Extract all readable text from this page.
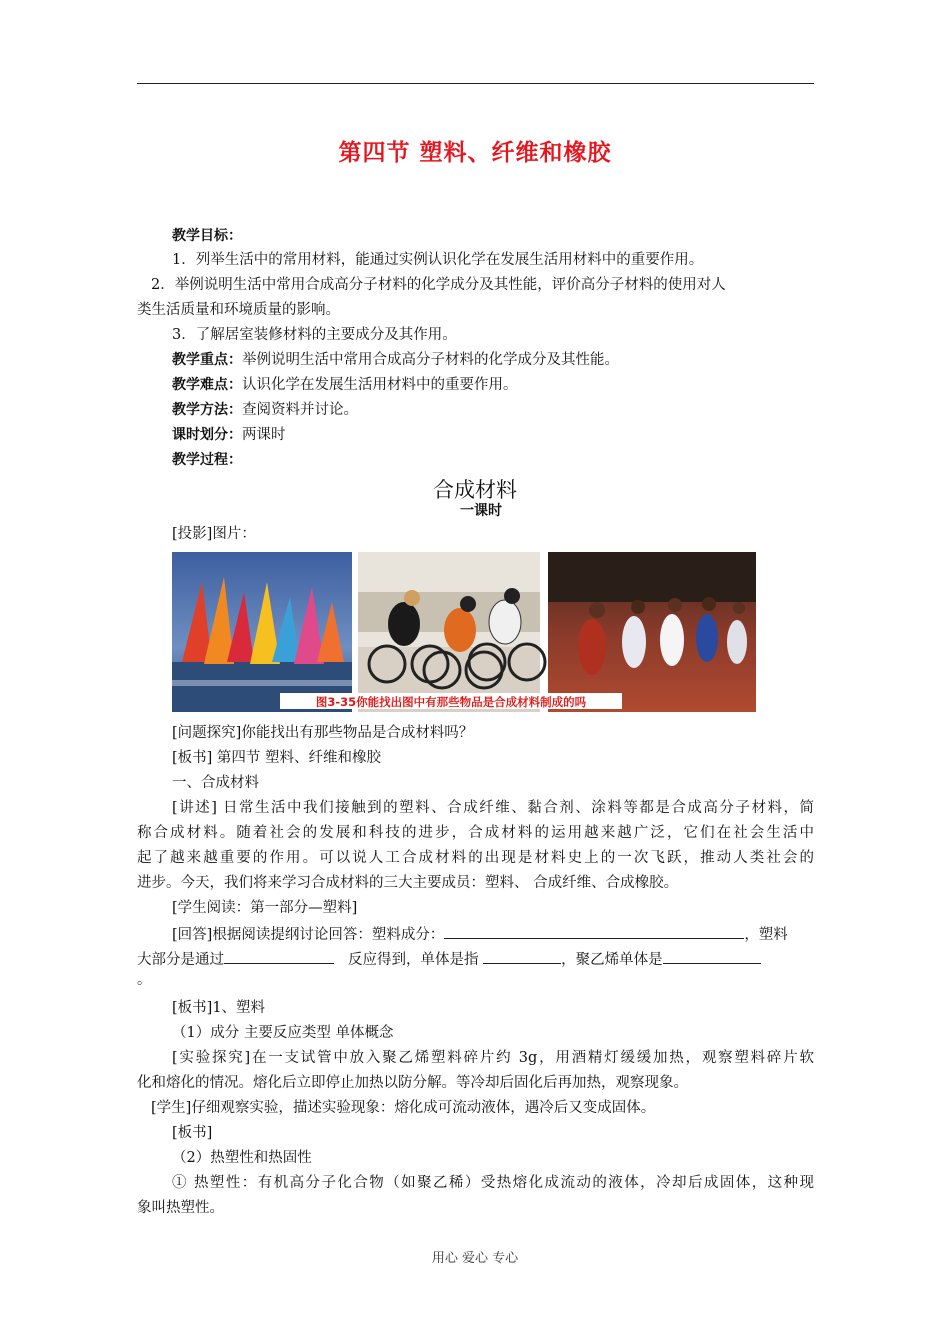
第四节 塑料、纤维和橡胶
教学目标：
1．列举生活中的常用材料，能通过实例认识化学在发展生活用材料中的重要作用。
2．举例说明生活中常用合成高分子材料的化学成分及其性能，评价高分子材料的使用对人
类生活质量和环境质量的影响。
3．了解居室装修材料的主要成分及其作用。
教学重点：举例说明生活中常用合成高分子材料的化学成分及其性能。
教学难点：认识化学在发展生活用材料中的重要作用。
教学方法：查阅资料并讨论。
课时划分：两课时
教学过程：
合成材料
一课时
[投影]图片：
图3-35你能找出图中有那些物品是合成材料制成的吗
[问题探究]你能找出有那些物品是合成材料吗？
[板书] 第四节 塑料、纤维和橡胶
一、合成材料
[讲述] 日常生活中我们接触到的塑料、合成纤维、黏合剂、涂料等都是合成高分子材料，简
称合成材料。随着社会的发展和科技的进步，合成材料的运用越来越广泛，它们在社会生活中
起了越来越重要的作用。可以说人工合成材料的出现是材料史上的一次飞跃，推动人类社会的
进步。今天，我们将来学习合成材料的三大主要成员：塑料、 合成纤维、合成橡胶。
[学生阅读：第一部分—塑料]
[回答]根据阅读提纲讨论回答：塑料成分：	，塑料
大部分是通过	反应得到，单体是指	，聚乙烯单体是
。
[板书]1、塑料
（1）成分 主要反应类型 单体概念
[实验探究]在一支试管中放入聚乙烯塑料碎片约 3g，用酒精灯缓缓加热，观察塑料碎片软
化和熔化的情况。熔化后立即停止加热以防分解。等冷却后固化后再加热，观察现象。
[学生]仔细观察实验，描述实验现象：熔化成可流动液体，遇冷后又变成固体。
[板书]
（2）热塑性和热固性
① 热塑性：有机高分子化合物（如聚乙稀）受热熔化成流动的液体，冷却后成固体，这种现
象叫热塑性。
用心 爱心 专心
